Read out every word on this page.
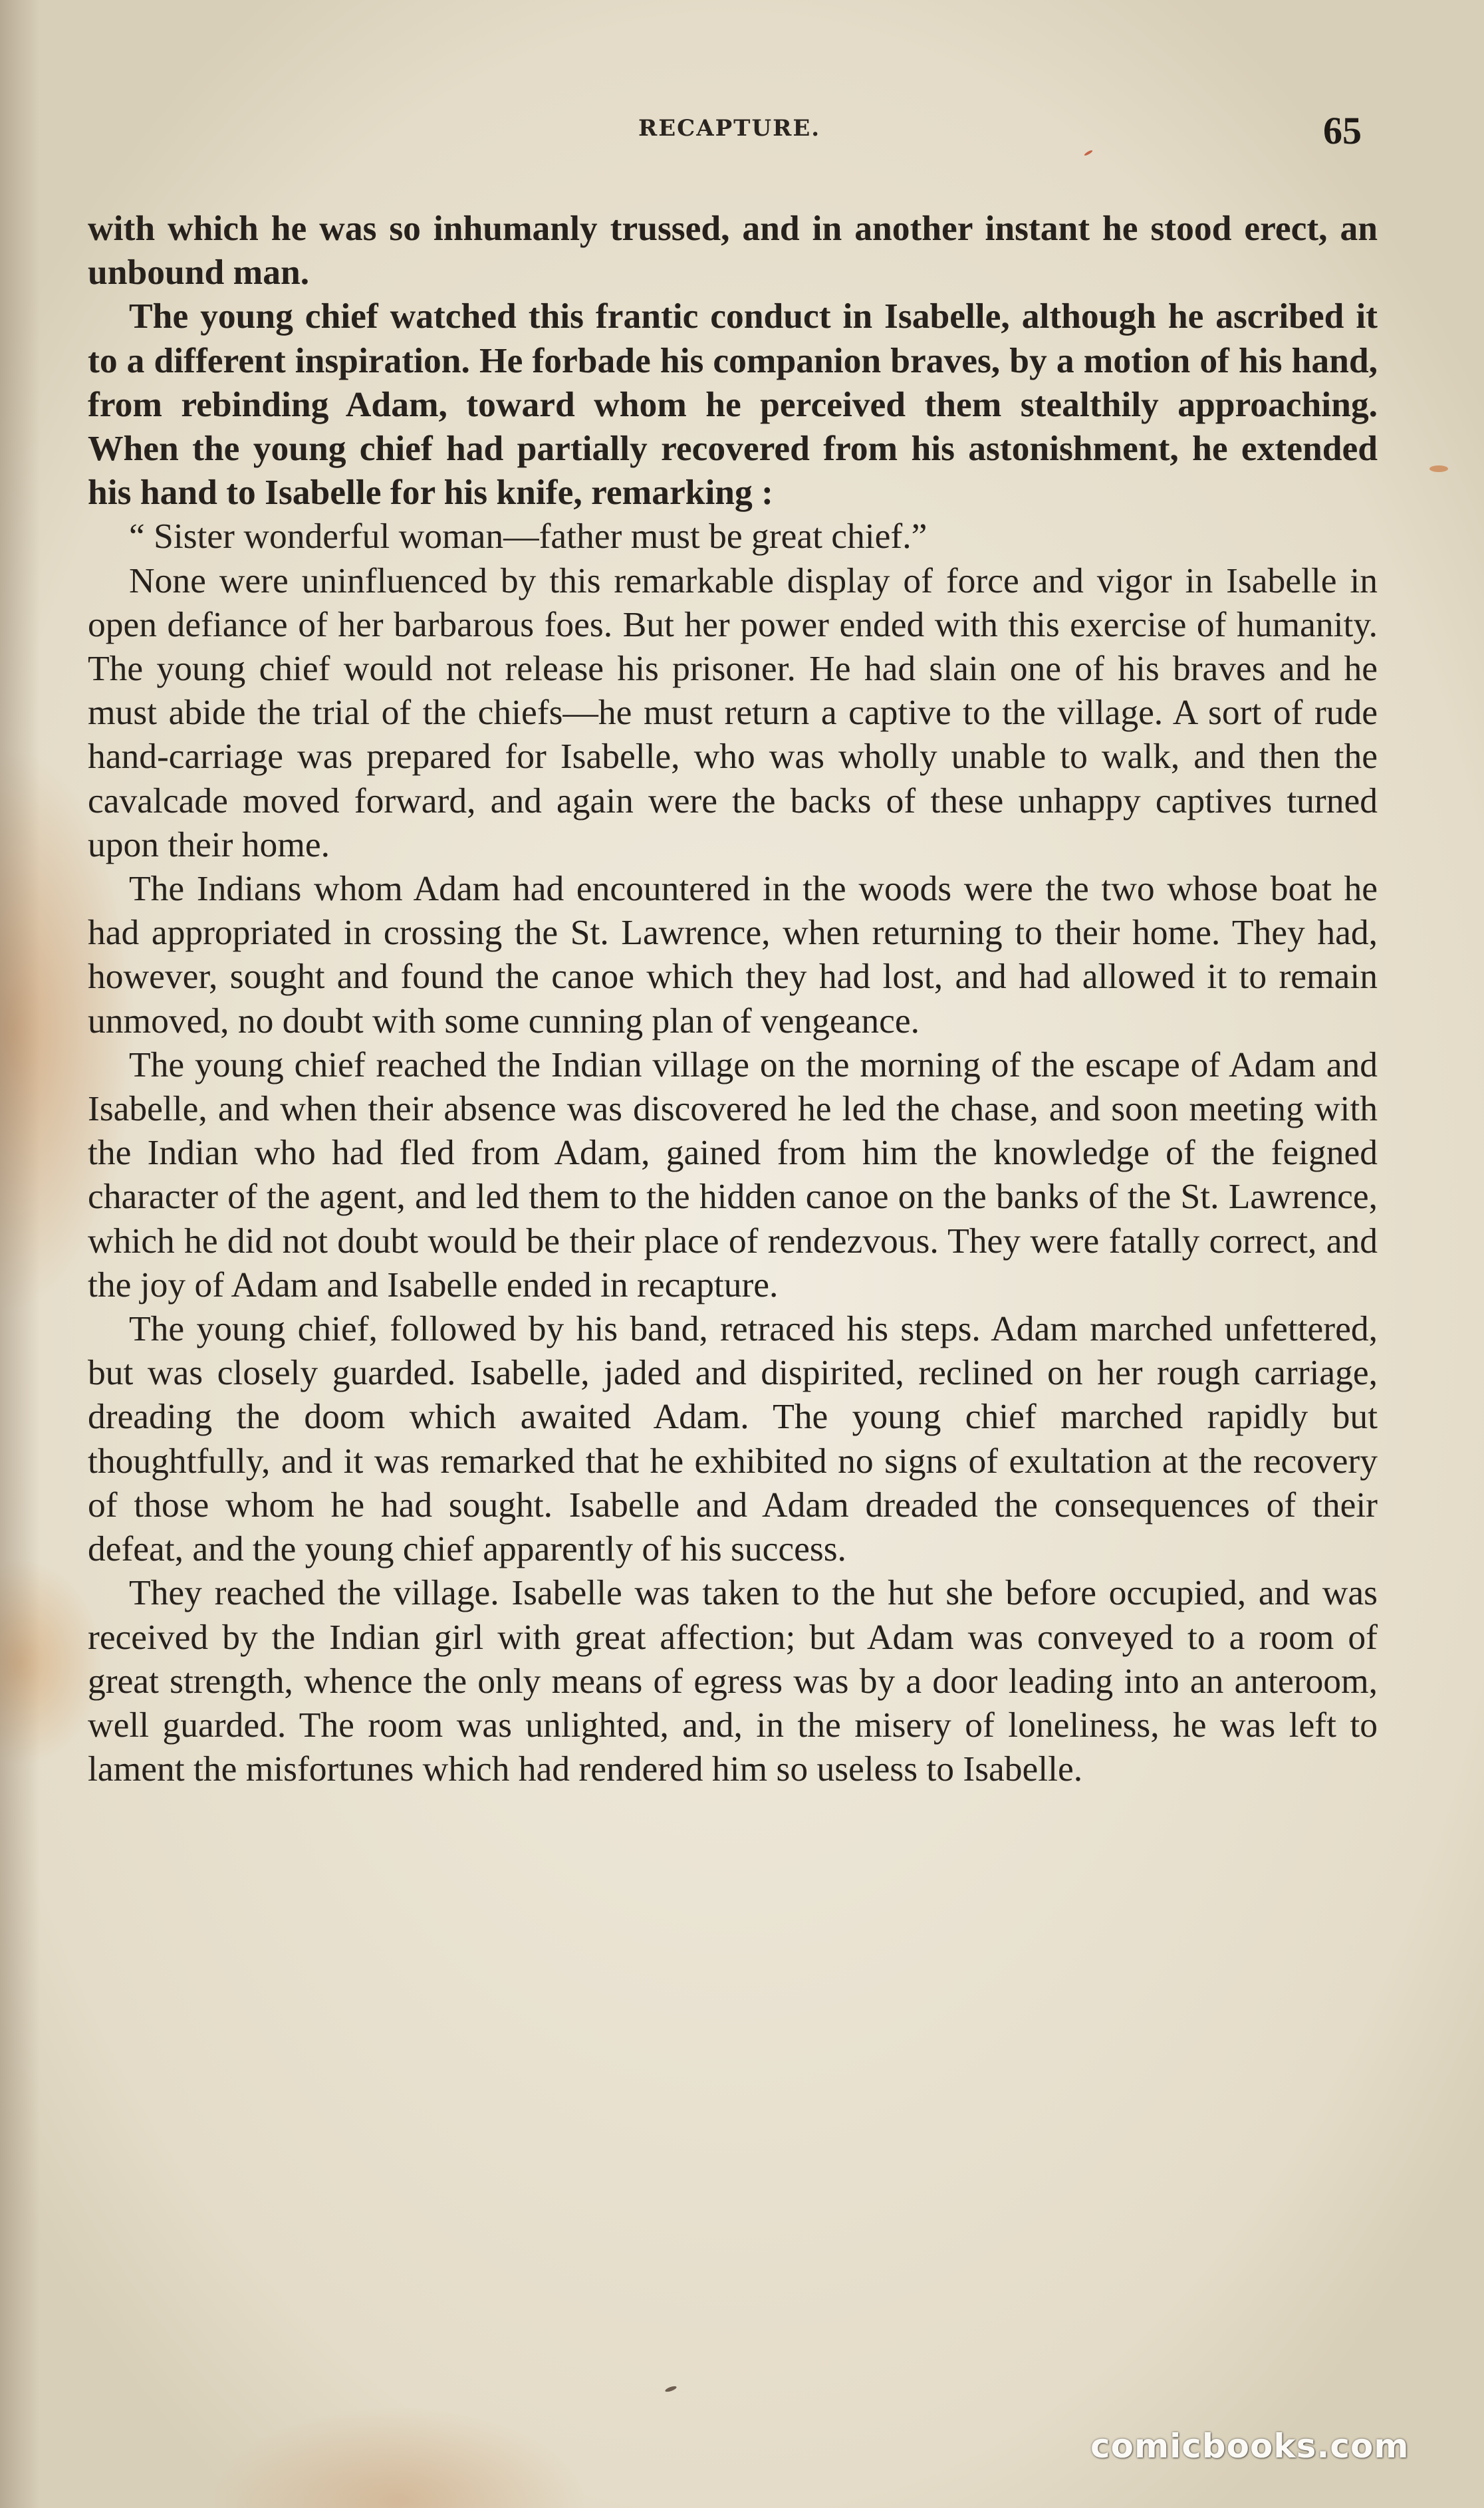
RECAPTURE.	65

with which he was so inhumanly trussed, and in another instant he stood erect, an unbound man.

The young chief watched this frantic conduct in Isabelle, although he ascribed it to a different inspiration. He forbade his companion braves, by a motion of his hand, from rebinding Adam, toward whom he perceived them stealthily approaching. When the young chief had partially recovered from his astonishment, he extended his hand to Isabelle for his knife, remarking :

“ Sister wonderful woman—father must be great chief.”

None were uninfluenced by this remarkable display of force and vigor in Isabelle in open defiance of her barbarous foes. But her power ended with this exercise of humanity. The young chief would not release his prisoner. He had slain one of his braves and he must abide the trial of the chiefs—he must return a captive to the village. A sort of rude hand-carriage was prepared for Isabelle, who was wholly unable to walk, and then the cavalcade moved forward, and again were the backs of these unhappy captives turned upon their home.

The Indians whom Adam had encountered in the woods were the two whose boat he had appropriated in crossing the St. Lawrence, when returning to their home. They had, however, sought and found the canoe which they had lost, and had allowed it to remain unmoved, no doubt with some cunning plan of vengeance.

The young chief reached the Indian village on the morning of the escape of Adam and Isabelle, and when their absence was discovered he led the chase, and soon meeting with the Indian who had fled from Adam, gained from him the knowledge of the feigned character of the agent, and led them to the hidden canoe on the banks of the St. Lawrence, which he did not doubt would be their place of rendezvous. They were fatally correct, and the joy of Adam and Isabelle ended in recapture.

The young chief, followed by his band, retraced his steps. Adam marched unfettered, but was closely guarded. Isabelle, jaded and dispirited, reclined on her rough carriage, dreading the doom which awaited Adam. The young chief marched rapidly but thoughtfully, and it was remarked that he exhibited no signs of exultation at the recovery of those whom he had sought. Isabelle and Adam dreaded the consequences of their defeat, and the young chief apparently of his success.

They reached the village. Isabelle was taken to the hut she before occupied, and was received by the Indian girl with great affection; but Adam was conveyed to a room of great strength, whence the only means of egress was by a door leading into an anteroom, well guarded. The room was unlighted, and, in the misery of loneliness, he was left to lament the misfortunes which had rendered him so useless to Isabelle.

comicbooks.com
